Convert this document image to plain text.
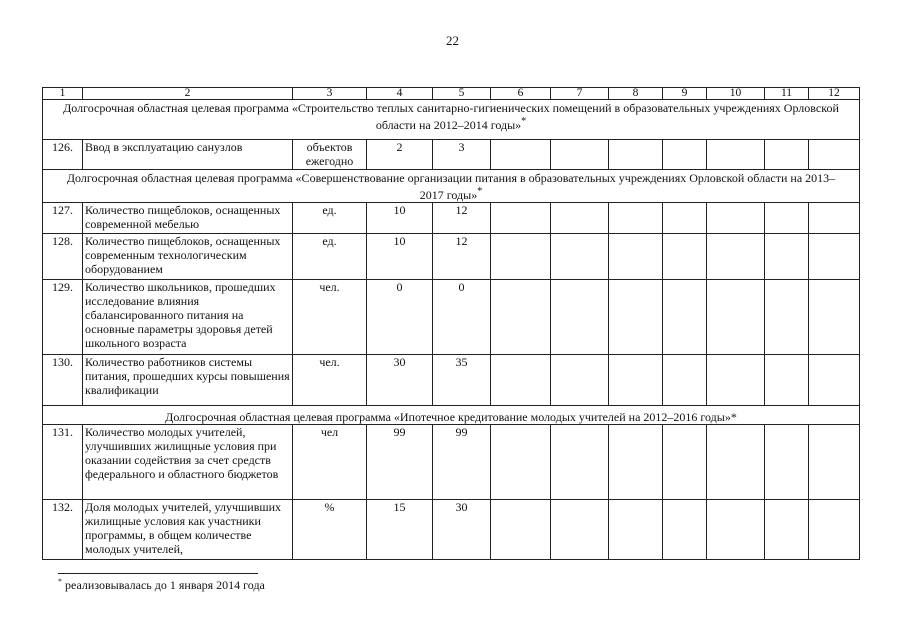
22
1	2	3	4	5	6	7	8	9	10	11	12
Долгосрочная областная целевая программа «Строительство теплых санитарно-гигиенических помещений в образовательных учреждениях Орловской области на 2012–2014 годы»*
126.	Ввод в эксплуатацию санузлов	объектов ежегодно	2	3							
Долгосрочная областная целевая программа «Совершенствование организации питания в образовательных учреждениях Орловской области на 2013–2017 годы»*
127.	Количество пищеблоков, оснащенных современной мебелью	ед.	10	12							
128.	Количество пищеблоков, оснащенных современным технологическим оборудованием	ед.	10	12							
129.	Количество школьников, прошедших исследование влияния сбалансированного питания на основные параметры здоровья детей школьного возраста	чел.	0	0							
130.	Количество работников системы питания, прошедших курсы повышения квалификации	чел.	30	35							
Долгосрочная областная целевая программа «Ипотечное кредитование молодых учителей на 2012–2016 годы»*											
131.	Количество молодых учителей, улучшивших жилищные условия при оказании содействия за счет средств федерального и областного бюджетов	чел	99	99							
132.	Доля молодых учителей, улучшивших жилищные условия как участники программы, в общем количестве молодых учителей,	%	15	30							
* реализовывалась до 1 января 2014 года
